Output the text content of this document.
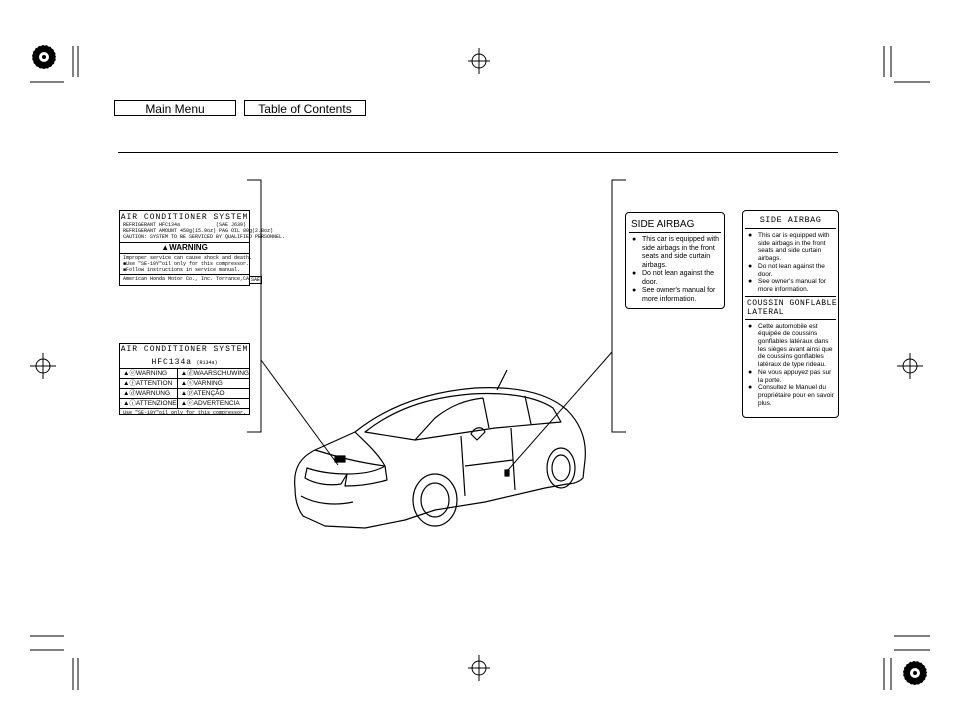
Main Menu	Table of Contents
AIR CONDITIONER SYSTEM
REFRIGERANT HFC134a	(SAE J639)
REFRIGERANT AMOUNT 450g(15.9oz) PAG OIL 80g(2.8oz)
CAUTION: SYSTEM TO BE SERVICED BY QUALIFIED PERSONNEL.
▲WARNING
Improper service can cause shock and death.
■Use "SE-10Y"oil only for this compressor.
■Follow instructions in service manual.
American Honda Motor Co., Inc. Torrance,CA SAE
AIR CONDITIONER SYSTEM
HFC134a (R134a)
▲ⓔWARNING	▲ⓓWAARSCHUWING
▲ⓕATTENTION	▲ⓢVARNING
▲ⓓWARNUNG	▲ⓟATENÇÃO
▲ⓘATTENZIONE ▲ⓔADVERTENCIA
Use "SE-10Y"oil only for this compressor.
SIDE AIRBAG
● This car is equipped with side airbags in the front seats and side curtain airbags.
● Do not lean against the door.
● See owner's manual for more information.
SIDE AIRBAG
● This car is equipped with side airbags in the front seats and side curtain airbags.
● Do not lean against the door.
● See owner's manual for more information.
COUSSIN GONFLABLE
LATERAL
● Cette automobile est équipée de coussins gonflables latéraux dans les sièges avant ainsi que de coussins gonflables latéraux de type rideau.
● Ne vous appuyez pas sur la porte.
● Consultez le Manuel du propriétaire pour en savoir plus.
